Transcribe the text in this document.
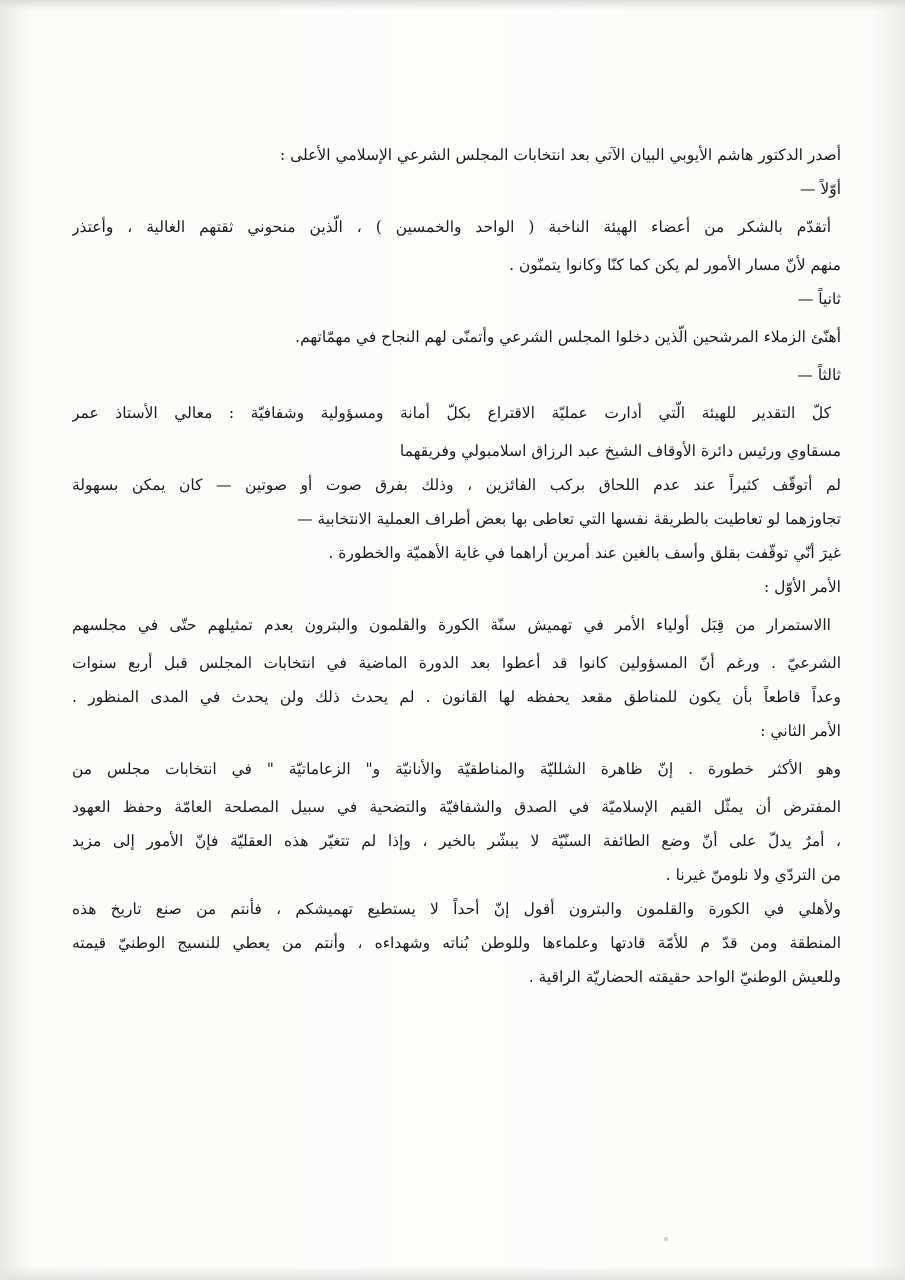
أصدر الدكتور هاشم الأيوبي البيان الآتي بعد انتخابات المجلس الشرعي الإسلامي الأعلى :
أوّلاً —
أتقدّم بالشكر من أعضاء الهيئة الناخبة ( الواحد والخمسين ) ، الّذين منحوني ثقتهم الغالية ، وأعتذر
منهم لأنّ مسار الأمور لم يكن كما كنّا وكانوا يتمنّون .
ثانياً —
أهنّئ الزملاء المرشحين الّذين دخلوا المجلس الشرعي وأتمنّى لهم النجاح في مهمّاتهم.
ثالثاً —
كلّ التقدير للهيئة الّتي أدارت عمليّة الاقتراع بكلّ أمانة ومسؤولية وشفافيّة : معالي الأستاذ عمر
مسقاوي ورئيس دائرة الأوقاف الشيخ عبد الرزاق اسلامبولي وفريقهما
لم أتوقّف كثيراً عند عدم اللحاق بركب الفائزين ، وذلك بفرق صوت أو صوتين — كان يمكن بسهولة
تجاوزهما لو تعاطيت بالطريقة نفسها التي تعاطى بها بعض أطراف العملية الانتخابية —
غيرَ أنّي توقّفت بقلق وأسف بالغين عند أمرين أراهما في غاية الأهميّة والخطورة .
الأمر الأوّل :
االاستمرار من قِبَل أولياء الأمر في تهميش سنّة الكورة والقلمون والبترون بعدم تمثيلهم حتّى في مجلسهم
الشرعيّ . ورغم أنّ المسؤولين كانوا قد أعطوا بعد الدورة الماضية في انتخابات المجلس قبل أربع سنوات
وعداً قاطعاً بأن يكون للمناطق مقعد يحفظه لها القانون . لم يحدث ذلك ولن يحدث في المدى المنظور .
الأمر الثاني :
وهو الأكثر خطورة . إنّ ظاهرة الشلليّة والمناطقيّة والأنانيّة و" الزعاماتيّة " في انتخابات مجلس من
المفترض أن يمثّل القيم الإسلاميّة في الصدق والشفافيّة والتضحية في سبيل المصلحة العامّة وحفظ العهود
، أمرٌ يدلّ على أنّ وضع الطائفة السنّيّة لا يبشّر بالخير ، وإذا لم تتغيّر هذه العقليّة فإنّ الأمور إلى مزيد
من التردّي ولا نلومنّ غيرنا .
ولأهلي في الكورة والقلمون والبترون أقول إنّ أحداً لا يستطيع تهميشكم ، فأنتم من صنع تاريخ هذه
المنطقة ومن قدّ م للأمّة قادتها وعلماءها وللوطن بُناته وشهداءه ، وأنتم من يعطي للنسيج الوطنيّ قيمته
وللعيش الوطنيّ الواحد حقيقته الحضاريّة الراقية .
